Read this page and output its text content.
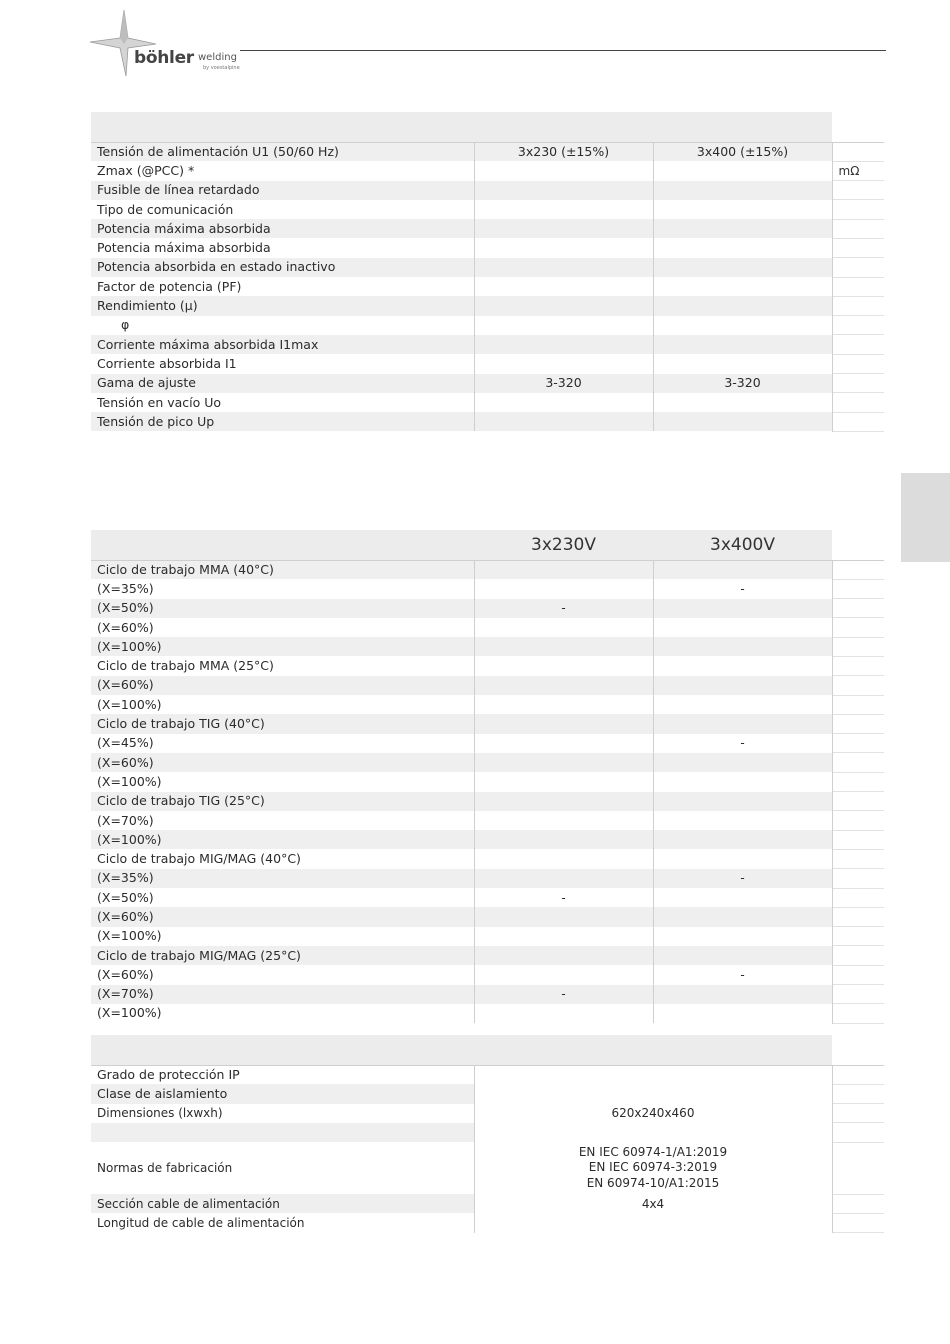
böhler welding
by voestalpine

Tensión de alimentación U1 (50/60 Hz)	3x230 (±15%)	3x400 (±15%)	
Zmax (@PCC) *			mΩ
Fusible de línea retardado			
Tipo de comunicación			
Potencia máxima absorbida			
Potencia máxima absorbida			
Potencia absorbida en estado inactivo			
Factor de potencia (PF)			
Rendimiento (μ)			
φ			
Corriente máxima absorbida I1max			
Corriente absorbida I1			
Gama de ajuste	3-320	3-320	
Tensión en vacío Uo			
Tensión de pico Up			
	3x230V	3x400V	
Ciclo de trabajo MMA (40°C)			
(X=35%)		-	
(X=50%)	-		
(X=60%)			
(X=100%)			
Ciclo de trabajo MMA (25°C)			
(X=60%)			
(X=100%)			
Ciclo de trabajo TIG (40°C)			
(X=45%)		-	
(X=60%)			
(X=100%)			
Ciclo de trabajo TIG (25°C)			
(X=70%)			
(X=100%)			
Ciclo de trabajo MIG/MAG (40°C)			
(X=35%)		-	
(X=50%)	-		
(X=60%)			
(X=100%)			
Ciclo de trabajo MIG/MAG (25°C)			
(X=60%)		-	
(X=70%)	-		
(X=100%)			

Grado de protección IP			
Clase de aislamiento			
Dimensiones (lxwxh)	620x240x460		

Normas de fabricación	EN IEC 60974-1/A1:2019
EN IEC 60974-3:2019
EN 60974-10/A1:2015		

Sección cable de alimentación	4x4		
Longitud de cable de alimentación			
